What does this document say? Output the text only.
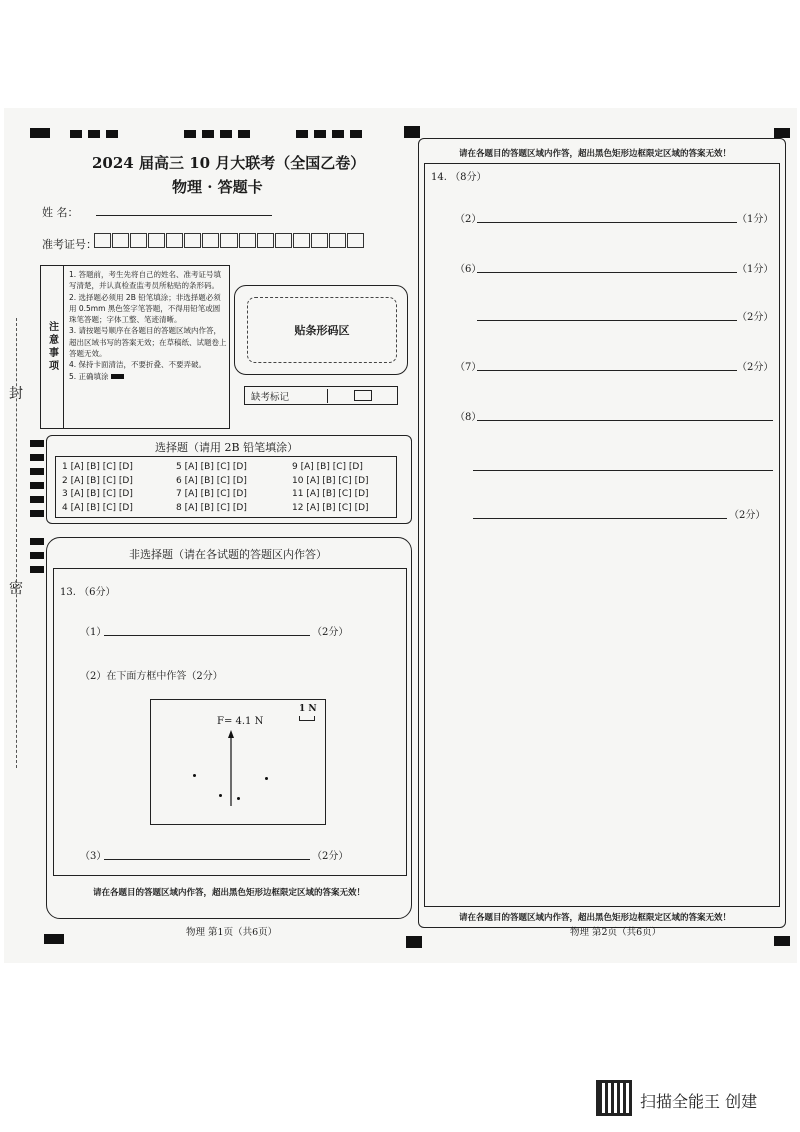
封
密
2024 届高三 10 月大联考（全国乙卷）
物理 · 答题卡
姓 名：
准考证号：
注意事项
1. 答题前，考生先将自己的姓名、准考证号填写清楚，并认真检查监考员所粘贴的条形码。
2. 选择题必须用 2B 铅笔填涂；非选择题必须用 0.5mm 黑色签字笔答题，不得用铅笔或圆珠笔答题；字体工整、笔迹清晰。
3. 请按题号顺序在各题目的答题区域内作答，超出区域书写的答案无效；在草稿纸、试题卷上答题无效。
4. 保持卡面清洁，不要折叠、不要弄破。
5. 正确填涂
贴条形码区
缺考标记
选择题（请用 2B 铅笔填涂）
1 [A] [B] [C] [D]
2 [A] [B] [C] [D]
3 [A] [B] [C] [D]
4 [A] [B] [C] [D]
5 [A] [B] [C] [D]
6 [A] [B] [C] [D]
7 [A] [B] [C] [D]
8 [A] [B] [C] [D]
9 [A] [B] [C] [D]
10 [A] [B] [C] [D]
11 [A] [B] [C] [D]
12 [A] [B] [C] [D]
非选择题（请在各试题的答题区内作答）
13. （6分）
（1）	（2分）
（2）在下面方框中作答（2分）
F= 4.1 N
1 N
（3）	（2分）
请在各题目的答题区域内作答，超出黑色矩形边框限定区域的答案无效！
物理 第1页（共6页）
请在各题目的答题区域内作答，超出黑色矩形边框限定区域的答案无效！
14. （8分）
（2）	（1分）
（6）	（1分）
（2分）
（7）	（2分）
（8）
（2分）
请在各题目的答题区域内作答，超出黑色矩形边框限定区域的答案无效！
物理 第2页（共6页）
扫描全能王 创建
